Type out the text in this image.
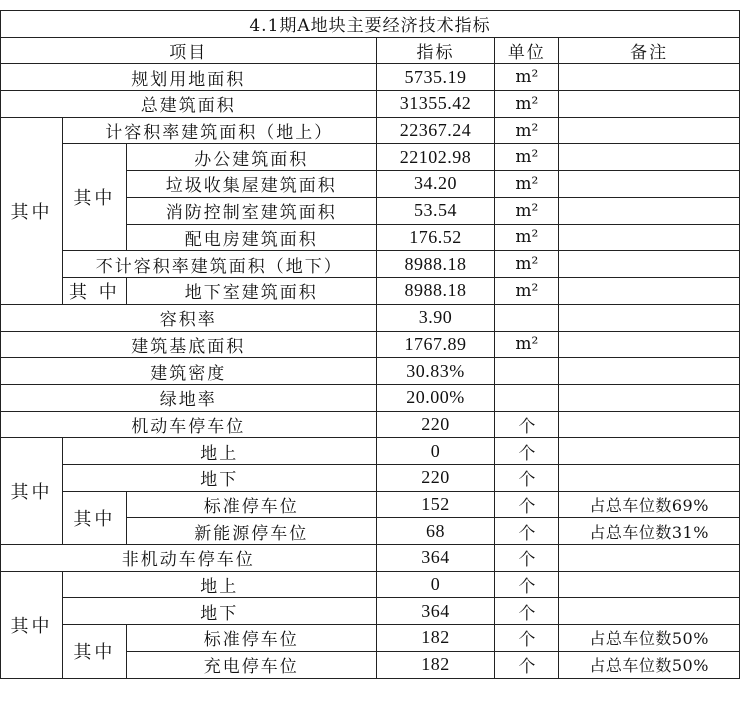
4.1期A地块主要经济技术指标					
项目			指标	单位	备注
规划用地面积			5735.19	m²	
总建筑面积			31355.42	m²	
其中	计容积率建筑面积（地上）		22367.24	m²	
	其中	办公建筑面积	22102.98	m²	
		垃圾收集屋建筑面积	34.20	m²	
		消防控制室建筑面积	53.54	m²	
		配电房建筑面积	176.52	m²	
	不计容积率建筑面积（地下）		8988.18	m²	
	其 中	地下室建筑面积	8988.18	m²	
容积率			3.90		
建筑基底面积			1767.89	m²	
建筑密度			30.83%		
绿地率			20.00%		
机动车停车位			220	个	
其中	地上		0	个	
	地下		220	个	
	其中	标准停车位	152	个	占总车位数69%
		新能源停车位	68	个	占总车位数31%
非机动车停车位			364	个	
其中	地上		0	个	
	地下		364	个	
	其中	标准停车位	182	个	占总车位数50%
		充电停车位	182	个	占总车位数50%
